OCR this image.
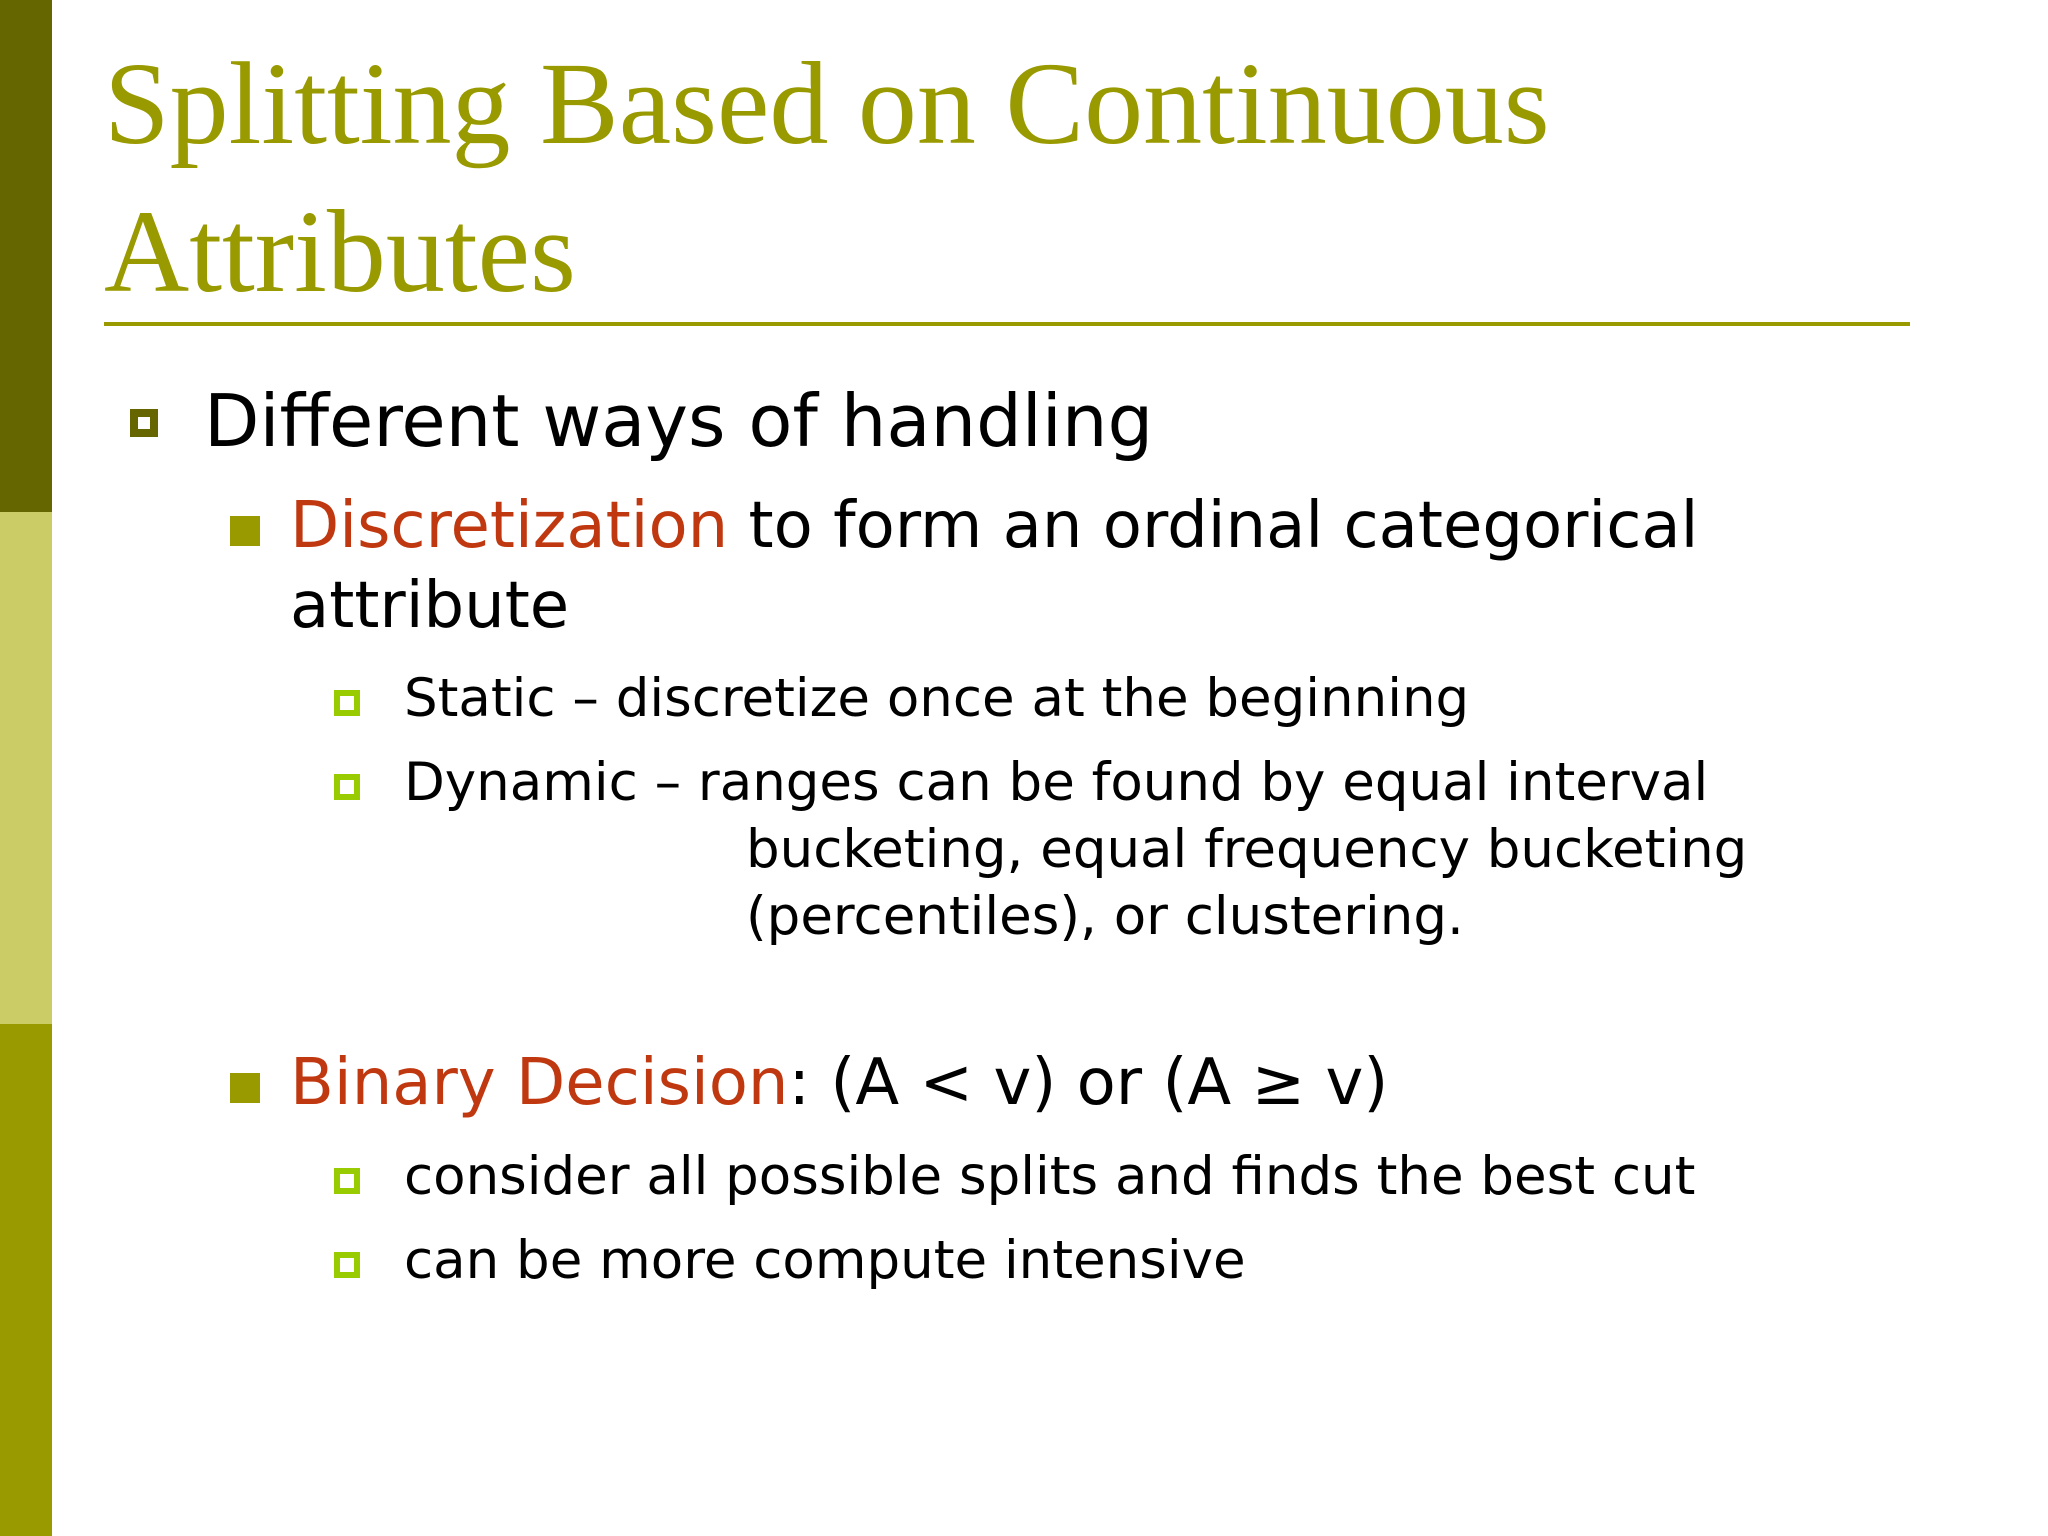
Splitting Based on Continuous
Attributes
Different ways of handling
Discretization to form an ordinal categorical
attribute
Static – discretize once at the beginning
Dynamic – ranges can be found by equal interval
bucketing, equal frequency bucketing
(percentiles), or clustering.
Binary Decision: (A < v) or (A ≥ v)
consider all possible splits and finds the best cut
can be more compute intensive
